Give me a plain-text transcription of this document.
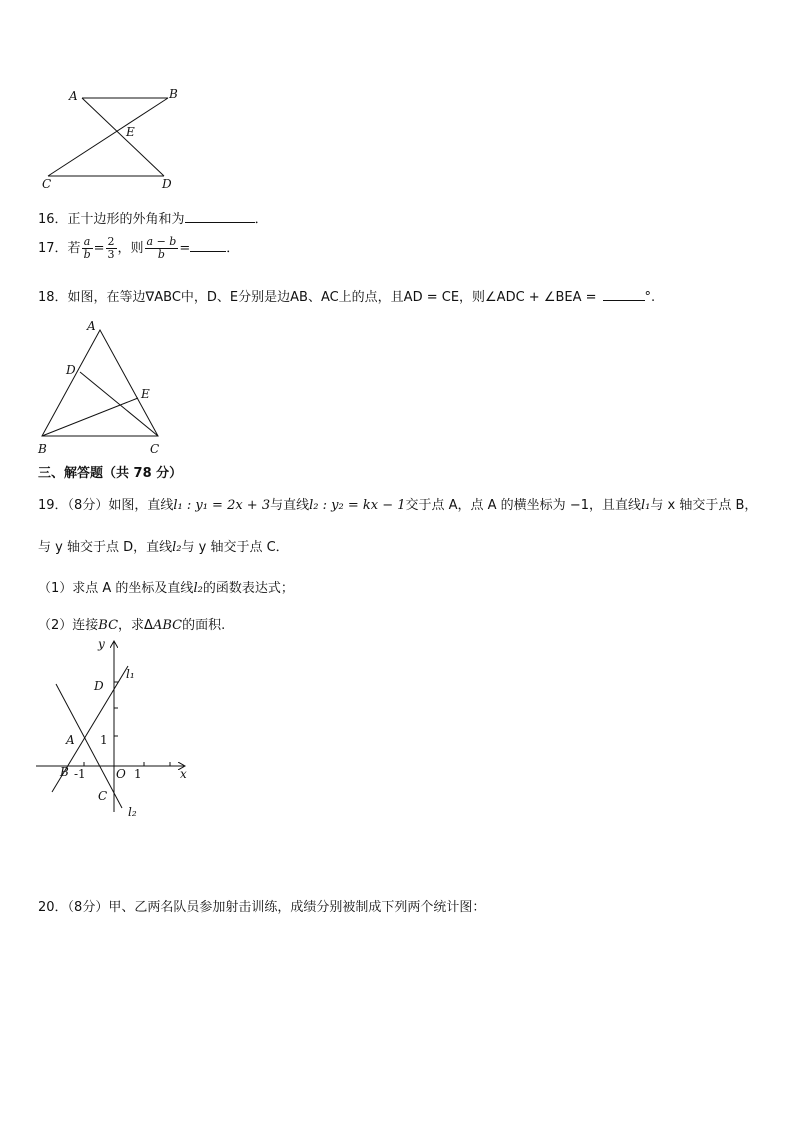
A	B
E
C	D
16．正十边形的外角和为	．
17．若 $\frac{a}{b} = \frac{2}{3}$ ，则 $\frac{a - b}{b}$ =	．
18．如图，在等边∇ABC中，D、E分别是边AB、AC上的点，且AD = CE，则∠ADC + ∠BEA =	°.
A
D
E
B	C
三、解答题（共 78 分）
19．（8分）如图，直线l₁ : y₁ = 2x + 3与直线l₂ : y₂ = kx − 1交于点 A，点 A 的横坐标为 −1，且直线l₁与 x 轴交于点 B，
与 y 轴交于点 D，直线l₂与 y 轴交于点 C．
（1）求点 A 的坐标及直线l₂的函数表达式；
（2）连接BC，求ΔABC的面积.
y
l₁
D
A 1
B -1	O 1	x
C
l₂
20．（8分）甲、乙两名队员参加射击训练，成绩分别被制成下列两个统计图：
